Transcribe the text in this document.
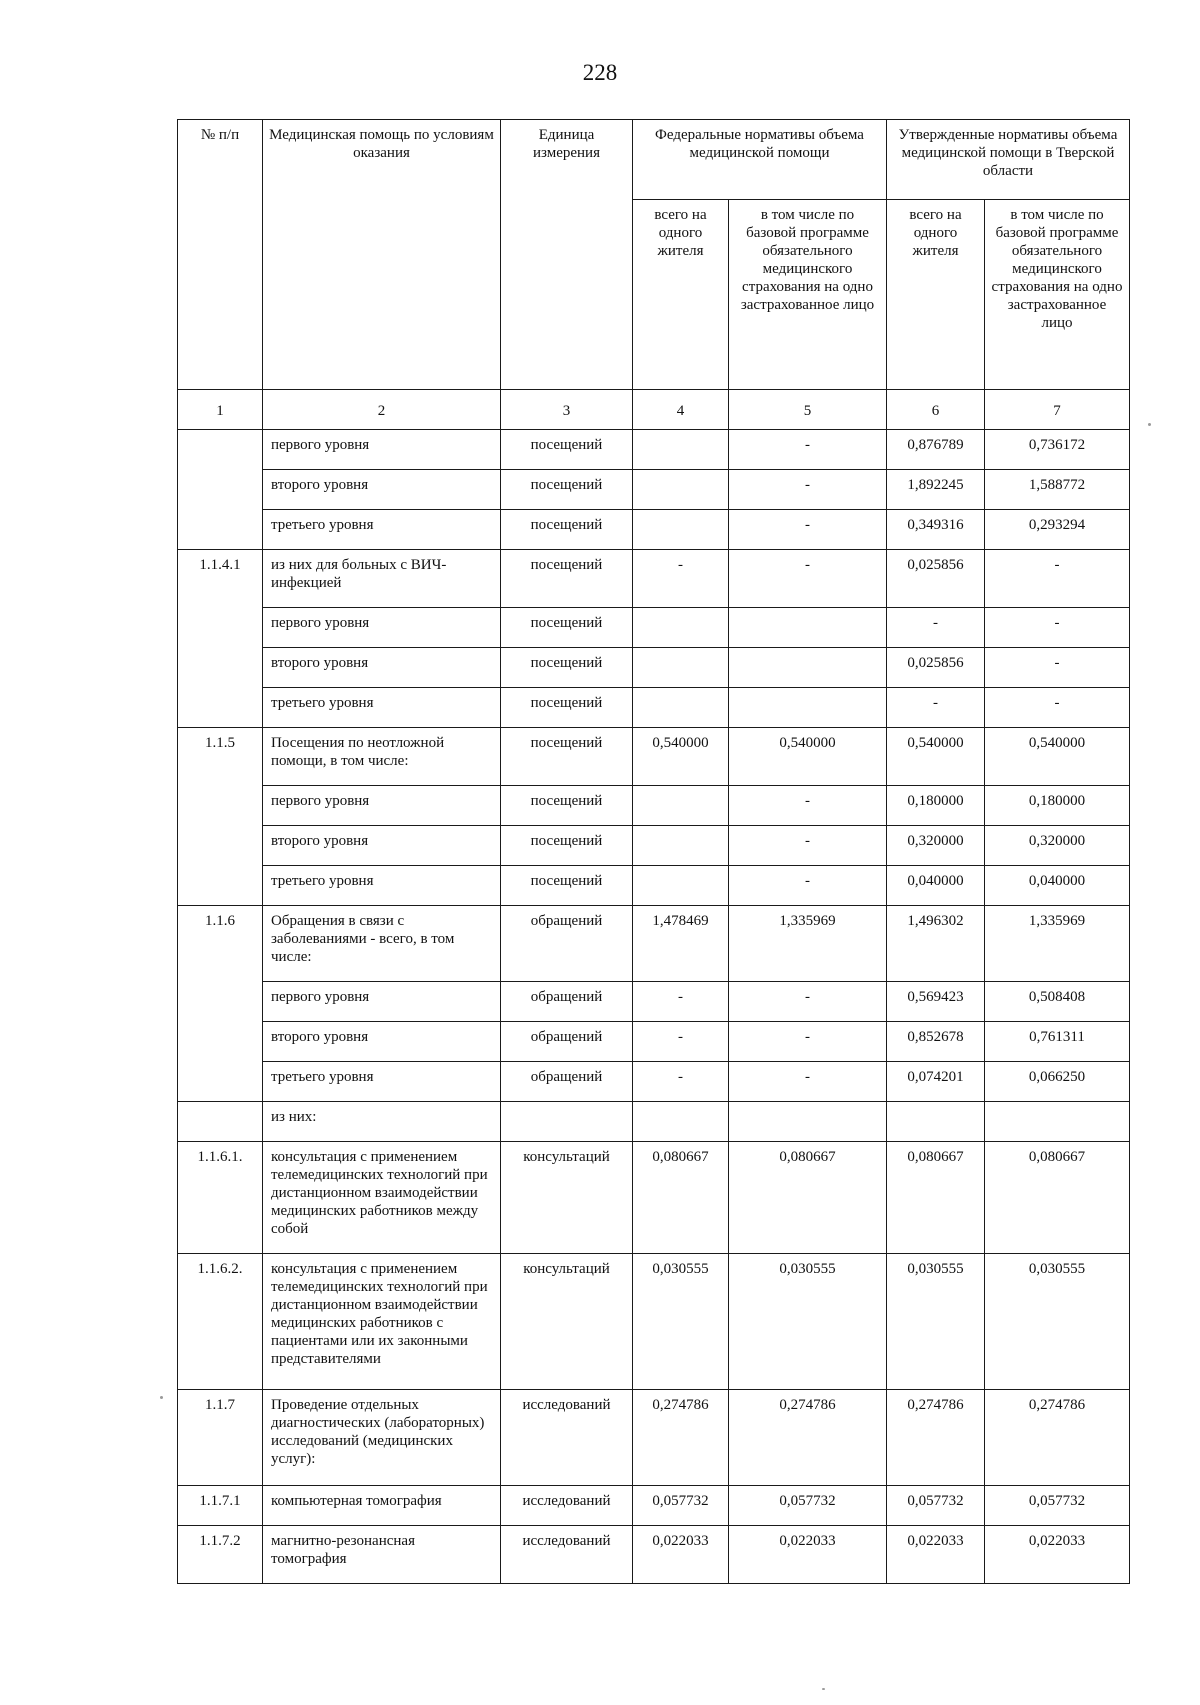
228
№ п/п	Медицинская помощь по условиям оказания	Единица измерения	Федеральные нормативы объема медицинской помощи		Утвержденные нормативы объема медицинской помощи в Тверской области	
			всего на одного жителя	в том числе по базовой программе обязательного медицинского страхования на одно застрахованное лицо	всего на одного жителя	в том числе по базовой программе обязательного медицинского страхования на одно застрахованное лицо
1	2	3	4	5	6	7
	первого уровня	посещений		-	0,876789	0,736172
	второго уровня	посещений		-	1,892245	1,588772
	третьего уровня	посещений		-	0,349316	0,293294
1.1.4.1	из них для больных с ВИЧ-инфекцией	посещений	-	-	0,025856	-
	первого уровня	посещений			-	-
	второго уровня	посещений			0,025856	-
	третьего уровня	посещений			-	-
1.1.5	Посещения по неотложной помощи, в том числе:	посещений	0,540000	0,540000	0,540000	0,540000
	первого уровня	посещений		-	0,180000	0,180000
	второго уровня	посещений		-	0,320000	0,320000
	третьего уровня	посещений		-	0,040000	0,040000
1.1.6	Обращения в связи с заболеваниями - всего, в том числе:	обращений	1,478469	1,335969	1,496302	1,335969
	первого уровня	обращений	-	-	0,569423	0,508408
	второго уровня	обращений	-	-	0,852678	0,761311
	третьего уровня	обращений	-	-	0,074201	0,066250
	из них:					
1.1.6.1.	консультация с применением телемедицинских технологий при дистанционном взаимодействии медицинских работников между собой	консультаций	0,080667	0,080667	0,080667	0,080667
1.1.6.2.	консультация с применением телемедицинских технологий при дистанционном взаимодействии медицинских работников с пациентами или их законными представителями	консультаций	0,030555	0,030555	0,030555	0,030555
1.1.7	Проведение отдельных диагностических (лабораторных) исследований (медицинских услуг):	исследований	0,274786	0,274786	0,274786	0,274786
1.1.7.1	компьютерная томография	исследований	0,057732	0,057732	0,057732	0,057732
1.1.7.2	магнитно-резонансная томография	исследований	0,022033	0,022033	0,022033	0,022033
